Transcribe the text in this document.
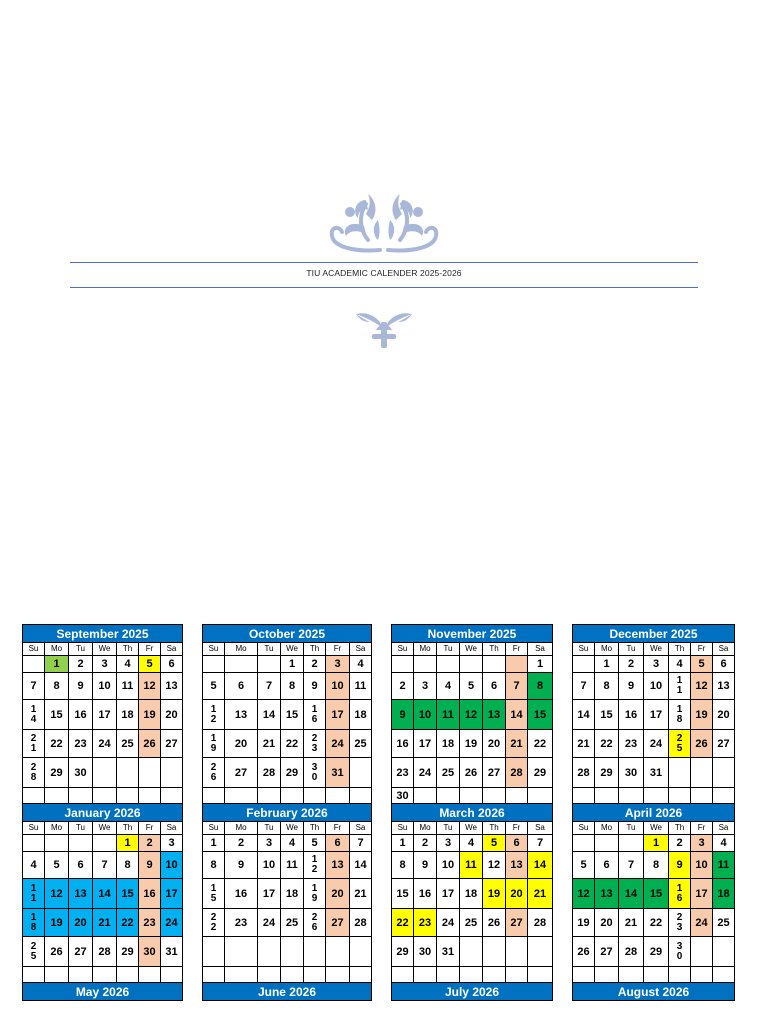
TIU ACADEMIC CALENDER 2025-2026
September 2025								October 2025								November 2025								December 2025						
Su	Mo	Tu	We	Th	Fr	Sa		Su	Mo	Tu	We	Th	Fr	Sa		Su	Mo	Tu	We	Th	Fr	Sa		Su	Mo	Tu	We	Th	Fr	Sa
	1	2	3	4	5	6					1	2	3	4								1			1	2	3	4	5	6
7	8	9	10	11	12	13		5	6	7	8	9	10	11		2	3	4	5	6	7	8		7	8	9	10	11	12	13
14	15	16	17	18	19	20		12	13	14	15	16	17	18		9	10	11	12	13	14	15		14	15	16	17	18	19	20
21	22	23	24	25	26	27		19	20	21	22	23	24	25		16	17	18	19	20	21	22		21	22	23	24	25	26	27
28	29	30						26	27	28	29	30	31			23	24	25	26	27	28	29		28	29	30	31			
																30														
January 2026								February 2026								March 2026								April 2026						
Su	Mo	Tu	We	Th	Fr	Sa		Su	Mo	Tu	We	Th	Fr	Sa		Su	Mo	Tu	We	Th	Fr	Sa		Su	Mo	Tu	We	Th	Fr	Sa
				1	2	3		1	2	3	4	5	6	7		1	2	3	4	5	6	7					1	2	3	4
4	5	6	7	8	9	10		8	9	10	11	12	13	14		8	9	10	11	12	13	14		5	6	7	8	9	10	11
11	12	13	14	15	16	17		15	16	17	18	19	20	21		15	16	17	18	19	20	21		12	13	14	15	16	17	18
18	19	20	21	22	23	24		22	23	24	25	26	27	28		22	23	24	25	26	27	28		19	20	21	22	23	24	25
25	26	27	28	29	30	31										29	30	31						26	27	28	29	30		

May 2026								June 2026								July 2026								August 2026						
